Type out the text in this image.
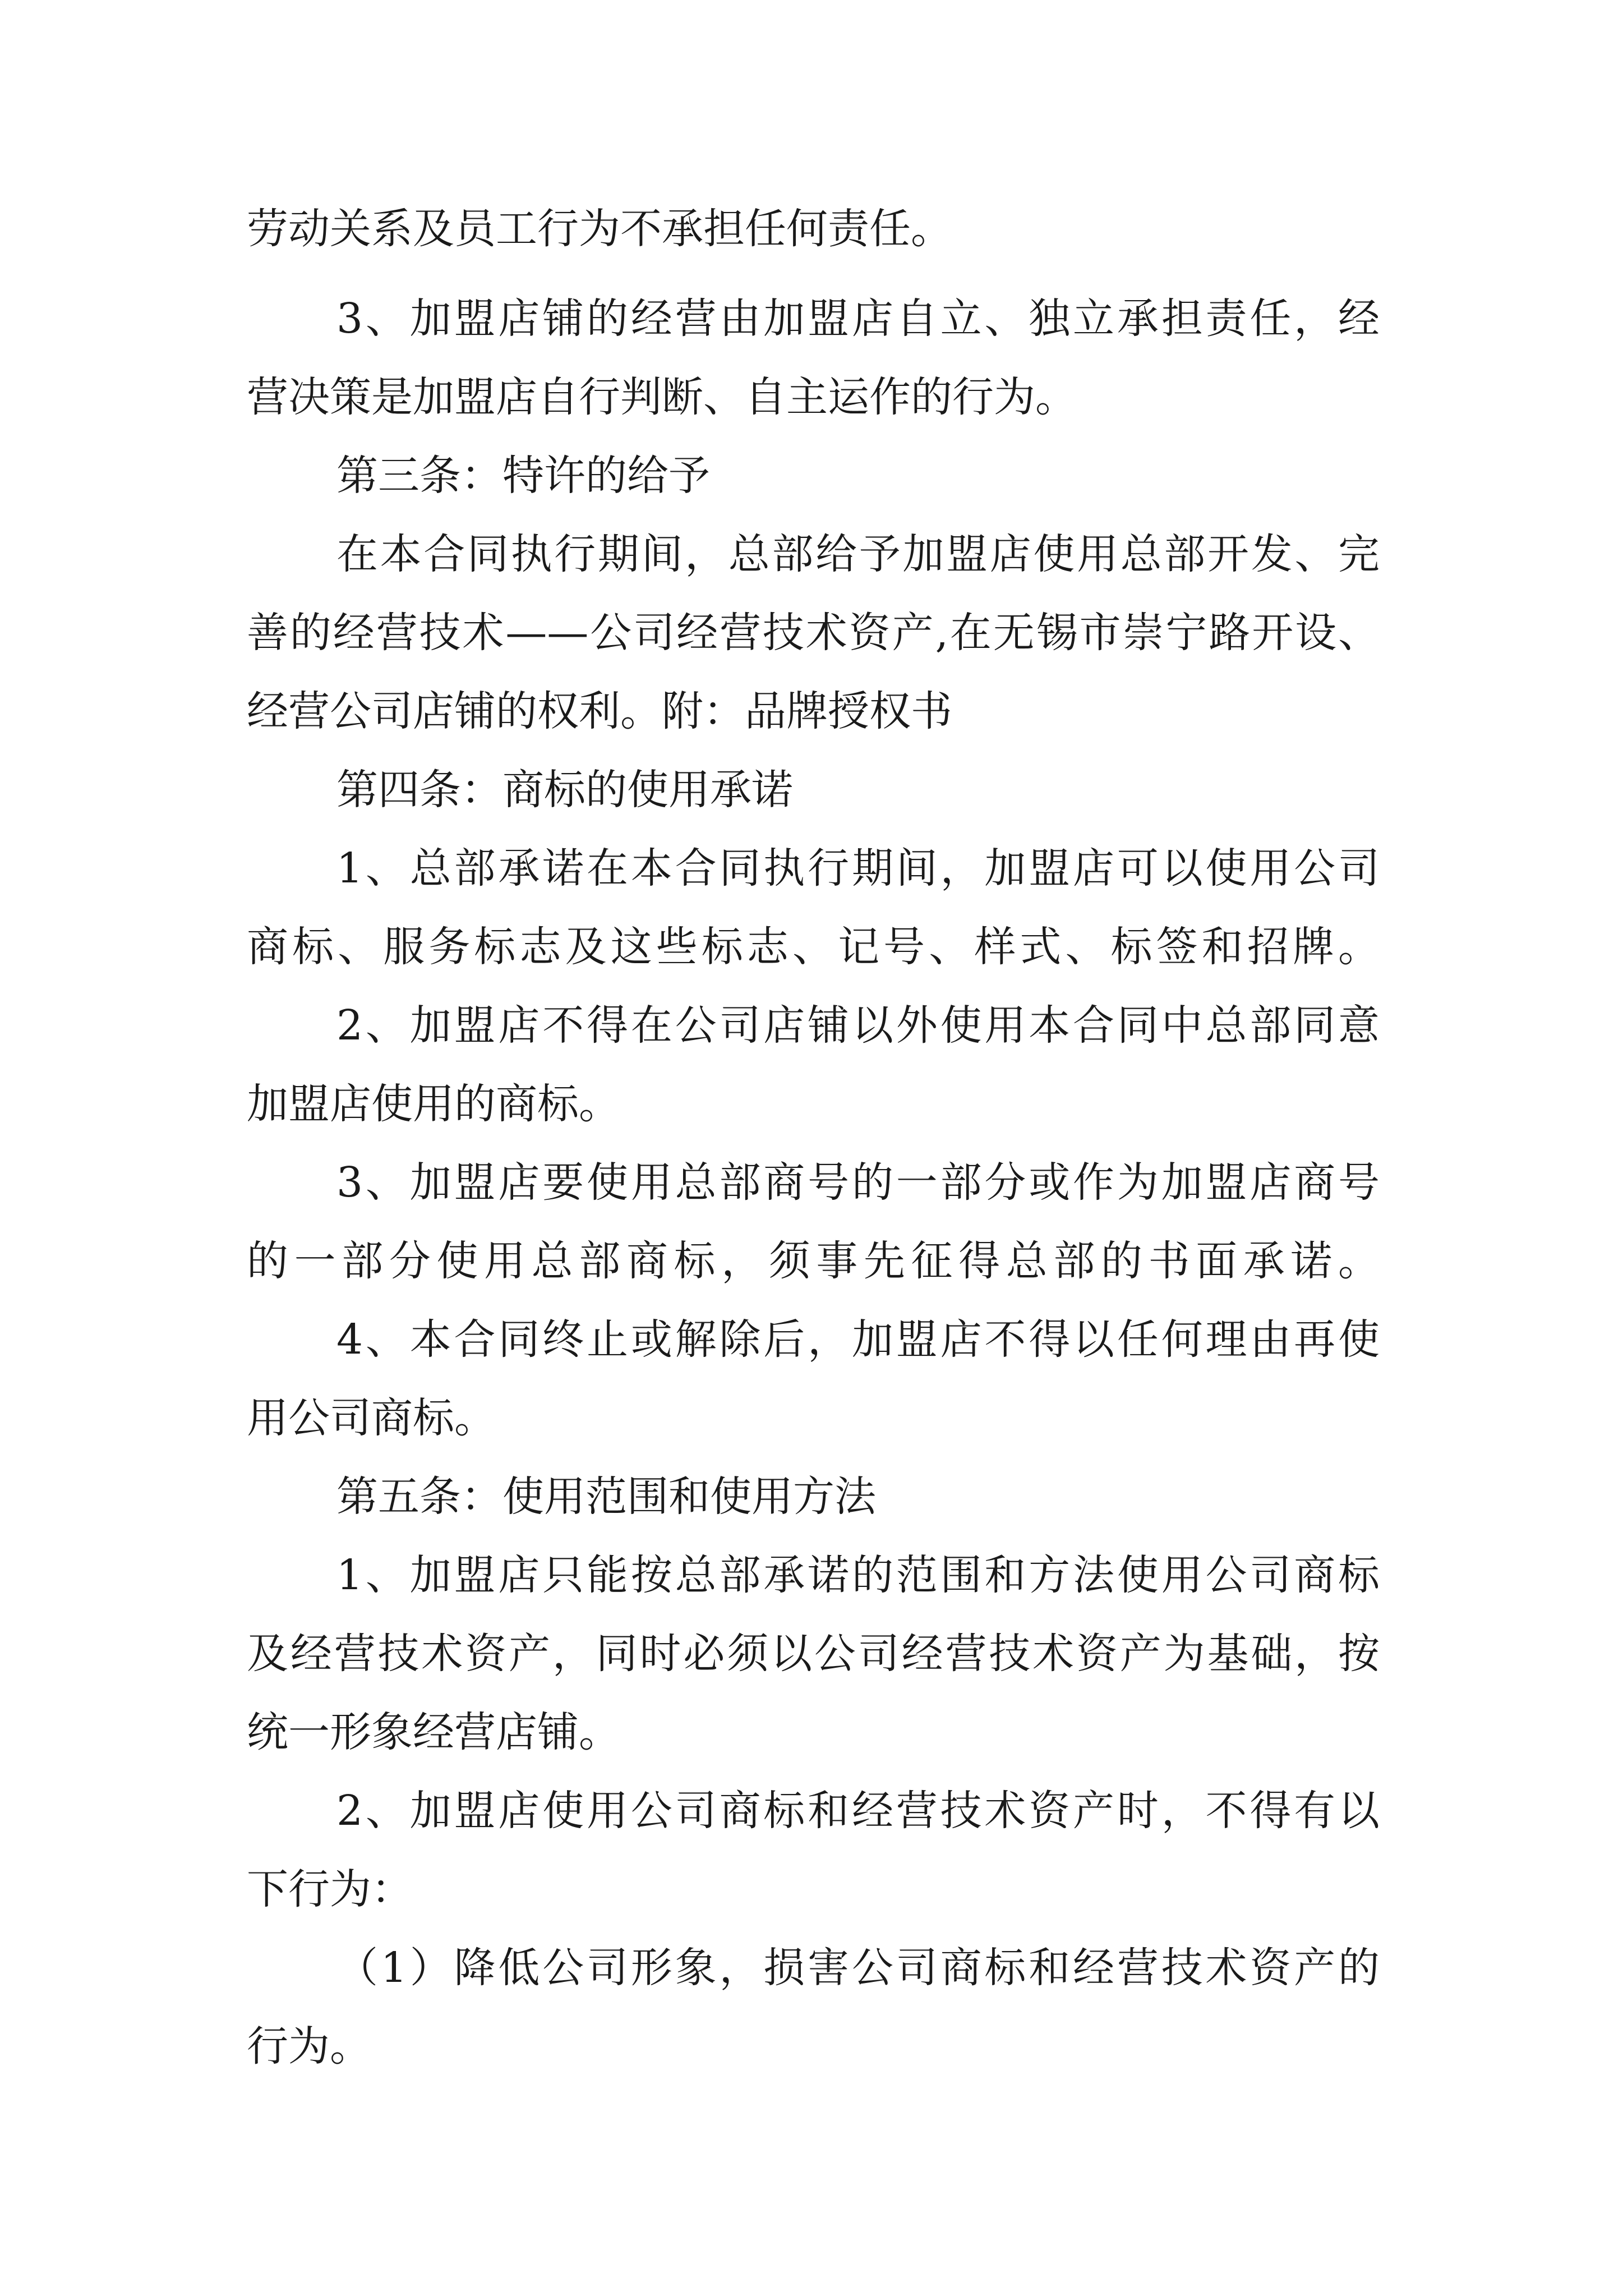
劳动关系及员工行为不承担任何责任。
3、加盟店铺的经营由加盟店自立、独立承担责任，经
营决策是加盟店自行判断、自主运作的行为。
第三条：特许的给予
在本合同执行期间，总部给予加盟店使用总部开发、完
善的经营技术——公司经营技术资产,在无锡市崇宁路开设、
经营公司店铺的权利。附：品牌授权书
第四条：商标的使用承诺
1、总部承诺在本合同执行期间，加盟店可以使用公司
商标、服务标志及这些标志、记号、样式、标签和招牌。
2、加盟店不得在公司店铺以外使用本合同中总部同意
加盟店使用的商标。
3、加盟店要使用总部商号的一部分或作为加盟店商号
的一部分使用总部商标，须事先征得总部的书面承诺。
4、本合同终止或解除后，加盟店不得以任何理由再使
用公司商标。
第五条：使用范围和使用方法
1、加盟店只能按总部承诺的范围和方法使用公司商标
及经营技术资产，同时必须以公司经营技术资产为基础，按
统一形象经营店铺。
2、加盟店使用公司商标和经营技术资产时，不得有以
下行为：
（1）降低公司形象，损害公司商标和经营技术资产的
行为。
